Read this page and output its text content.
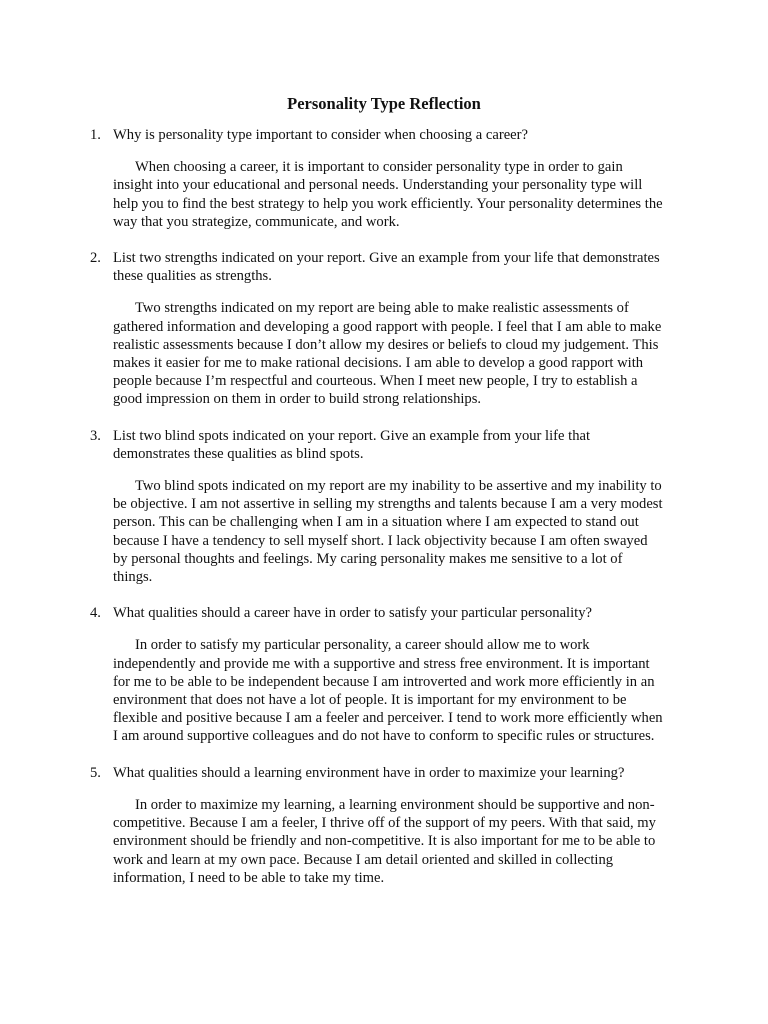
Personality Type Reflection

1. Why is personality type important to consider when choosing a career?

When choosing a career, it is important to consider personality type in order to gain insight into your educational and personal needs. Understanding your personality type will help you to find the best strategy to help you work efficiently. Your personality determines the way that you strategize, communicate, and work.

2. List two strengths indicated on your report. Give an example from your life that demonstrates these qualities as strengths.

Two strengths indicated on my report are being able to make realistic assessments of gathered information and developing a good rapport with people. I feel that I am able to make realistic assessments because I don’t allow my desires or beliefs to cloud my judgement. This makes it easier for me to make rational decisions. I am able to develop a good rapport with people because I’m respectful and courteous. When I meet new people, I try to establish a good impression on them in order to build strong relationships.

3. List two blind spots indicated on your report. Give an example from your life that demonstrates these qualities as blind spots.

Two blind spots indicated on my report are my inability to be assertive and my inability to be objective. I am not assertive in selling my strengths and talents because I am a very modest person. This can be challenging when I am in a situation where I am expected to stand out because I have a tendency to sell myself short. I lack objectivity because I am often swayed by personal thoughts and feelings. My caring personality makes me sensitive to a lot of things.

4. What qualities should a career have in order to satisfy your particular personality?

In order to satisfy my particular personality, a career should allow me to work independently and provide me with a supportive and stress free environment. It is important for me to be able to be independent because I am introverted and work more efficiently in an environment that does not have a lot of people. It is important for my environment to be flexible and positive because I am a feeler and perceiver. I tend to work more efficiently when I am around supportive colleagues and do not have to conform to specific rules or structures.

5. What qualities should a learning environment have in order to maximize your learning?

In order to maximize my learning, a learning environment should be supportive and non-competitive. Because I am a feeler, I thrive off of the support of my peers. With that said, my environment should be friendly and non-competitive. It is also important for me to be able to work and learn at my own pace. Because I am detail oriented and skilled in collecting information, I need to be able to take my time.
